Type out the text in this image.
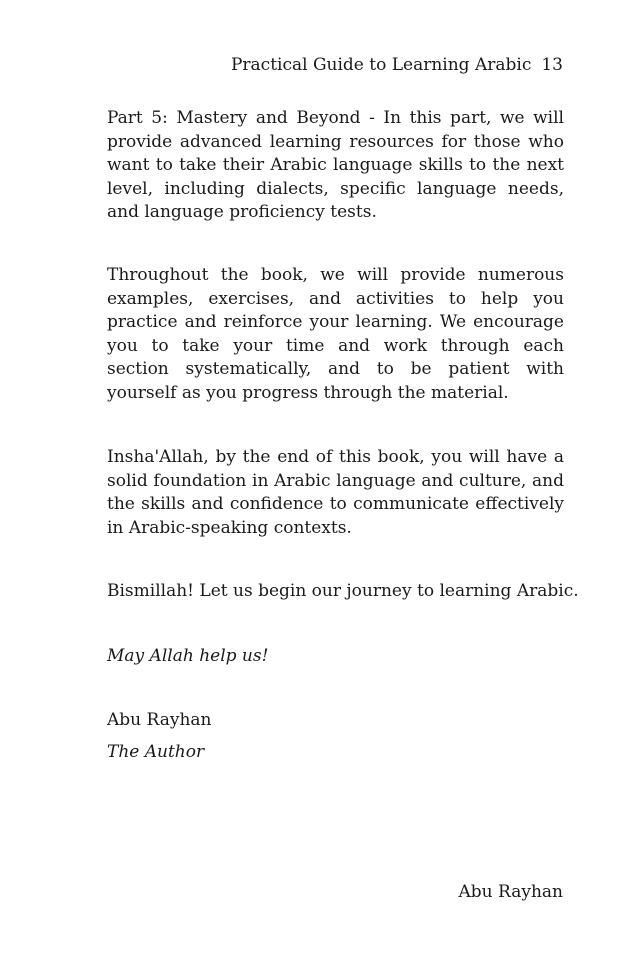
Practical Guide to Learning Arabic 13

Part 5: Mastery and Beyond - In this part, we will provide advanced learning resources for those who want to take their Arabic language skills to the next level, including dialects, specific language needs, and language proficiency tests.

Throughout the book, we will provide numerous examples, exercises, and activities to help you practice and reinforce your learning. We encourage you to take your time and work through each section systematically, and to be patient with yourself as you progress through the material.

Insha'Allah, by the end of this book, you will have a solid foundation in Arabic language and culture, and the skills and confidence to communicate effectively in Arabic-speaking contexts.

Bismillah! Let us begin our journey to learning Arabic.

May Allah help us!

Abu Rayhan

The Author

Abu Rayhan
